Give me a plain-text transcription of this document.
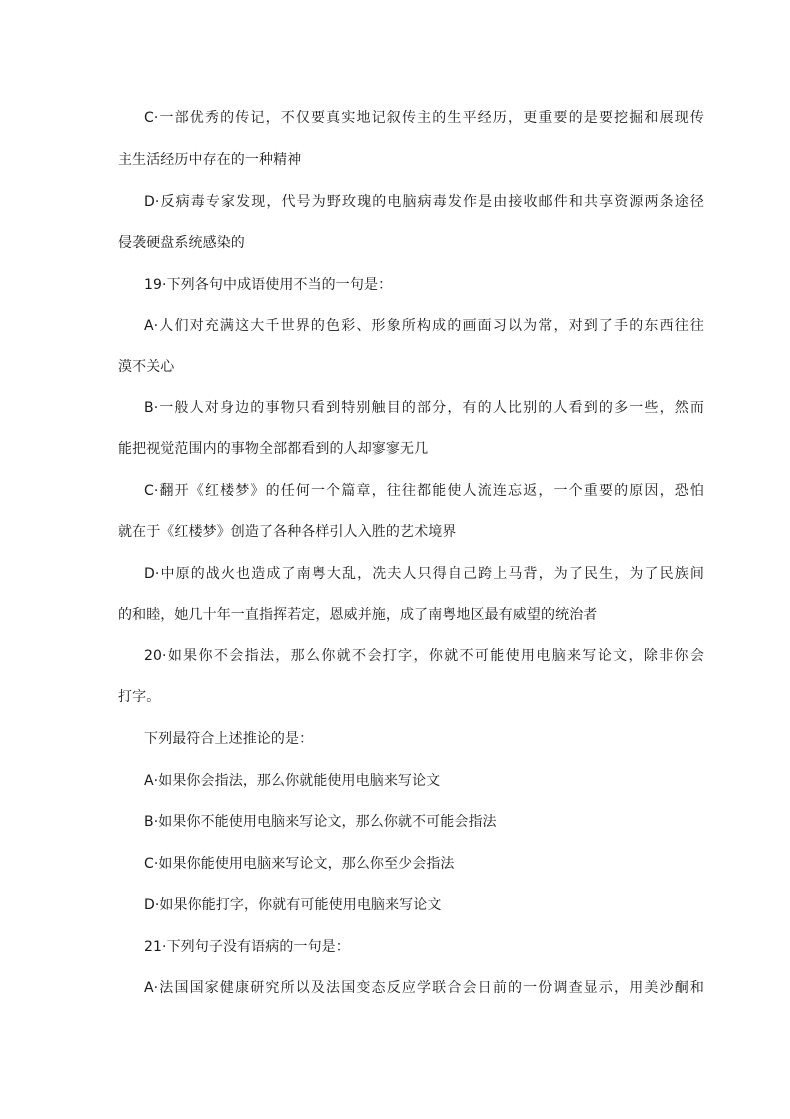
C·一部优秀的传记，不仅要真实地记叙传主的生平经历，更重要的是要挖掘和展现传
主生活经历中存在的一种精神
D·反病毒专家发现，代号为野玫瑰的电脑病毒发作是由接收邮件和共享资源两条途径
侵袭硬盘系统感染的
19·下列各句中成语使用不当的一句是：
A·人们对充满这大千世界的色彩、形象所构成的画面习以为常，对到了手的东西往往
漠不关心
B·一般人对身边的事物只看到特别触目的部分，有的人比别的人看到的多一些，然而
能把视觉范围内的事物全部都看到的人却寥寥无几
C·翻开《红楼梦》的任何一个篇章，往往都能使人流连忘返，一个重要的原因，恐怕
就在于《红楼梦》创造了各种各样引人入胜的艺术境界
D·中原的战火也造成了南粤大乱，冼夫人只得自己跨上马背，为了民生，为了民族间
的和睦，她几十年一直指挥若定，恩威并施，成了南粤地区最有威望的统治者
20·如果你不会指法，那么你就不会打字，你就不可能使用电脑来写论文，除非你会
打字。
下列最符合上述推论的是：
A·如果你会指法，那么你就能使用电脑来写论文
B·如果你不能使用电脑来写论文，那么你就不可能会指法
C·如果你能使用电脑来写论文，那么你至少会指法
D·如果你能打字，你就有可能使用电脑来写论文
21·下列句子没有语病的一句是：
A·法国国家健康研究所以及法国变态反应学联合会日前的一份调查显示，用美沙酮和
